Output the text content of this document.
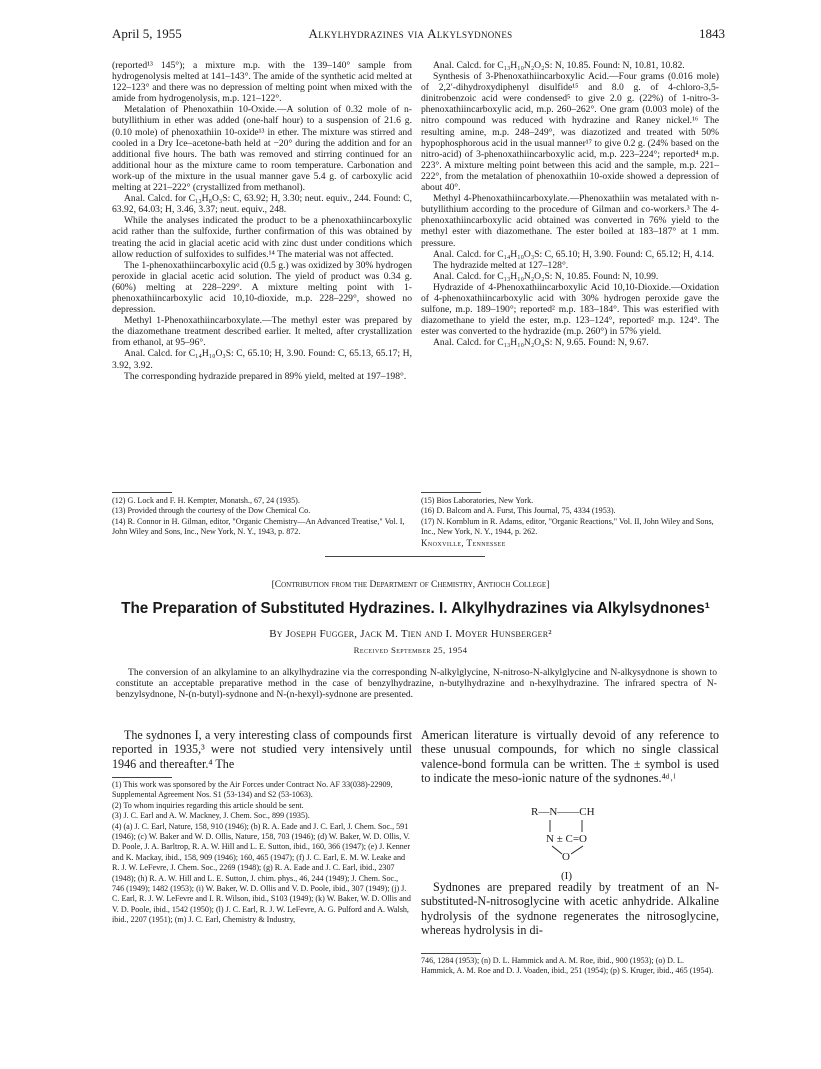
April 5, 1955	Alkylhydrazines via Alkylsydnones	1843

(reported¹³ 145°); a mixture m.p. with the 139–140° sample from hydrogenolysis melted at 141–143°. The amide of the synthetic acid melted at 122–123° and there was no depression of melting point when mixed with the amide from hydrogenolysis, m.p. 121–122°.

Metalation of Phenoxathiin 10-Oxide.—A solution of 0.32 mole of n-butyllithium in ether was added (one-half hour) to a suspension of 21.6 g. (0.10 mole) of phenoxathiin 10-oxide¹³ in ether. The mixture was stirred and cooled in a Dry Ice–acetone-bath held at −20° during the addition and for an additional five hours. The bath was removed and stirring continued for an additional hour as the mixture came to room temperature. Carbonation and work-up of the mixture in the usual manner gave 5.4 g. of carboxylic acid melting at 221–222° (crystallized from methanol).

Anal. Calcd. for C₁₃H₈O₃S: C, 63.92; H, 3.30; neut. equiv., 244. Found: C, 63.92, 64.03; H, 3.46, 3.37; neut. equiv., 248.

While the analyses indicated the product to be a phenoxathiincarboxylic acid rather than the sulfoxide, further confirmation of this was obtained by treating the acid in glacial acetic acid with zinc dust under conditions which allow reduction of sulfoxides to sulfides.¹⁴ The material was not affected.

The 1-phenoxathiincarboxylic acid (0.5 g.) was oxidized by 30% hydrogen peroxide in glacial acetic acid solution. The yield of product was 0.34 g. (60%) melting at 228–229°. A mixture melting point with 1-phenoxathiincarboxylic acid 10,10-dioxide, m.p. 228–229°, showed no depression.

Methyl 1-Phenoxathiincarboxylate.—The methyl ester was prepared by the diazomethane treatment described earlier. It melted, after crystallization from ethanol, at 95–96°.

Anal. Calcd. for C₁₄H₁₀O₃S: C, 65.10; H, 3.90. Found: C, 65.13, 65.17; H, 3.92, 3.92.

The corresponding hydrazide prepared in 89% yield, melted at 197–198°.

Anal. Calcd. for C₁₃H₁₀N₂O₂S: N, 10.85. Found: N, 10.81, 10.82.

Synthesis of 3-Phenoxathiincarboxylic Acid.—Four grams (0.016 mole) of 2,2′-dihydroxydiphenyl disulfide¹⁵ and 8.0 g. of 4-chloro-3,5-dinitrobenzoic acid were condensed⁵ to give 2.0 g. (22%) of 1-nitro-3-phenoxathiincarboxylic acid, m.p. 260–262°. One gram (0.003 mole) of the nitro compound was reduced with hydrazine and Raney nickel.¹⁶ The resulting amine, m.p. 248–249°, was diazotized and treated with 50% hypophosphorous acid in the usual manner¹⁷ to give 0.2 g. (24% based on the nitro-acid) of 3-phenoxathiincarboxylic acid, m.p. 223–224°; reported⁴ m.p. 223°. A mixture melting point between this acid and the sample, m.p. 221–222°, from the metalation of phenoxathiin 10-oxide showed a depression of about 40°.

Methyl 4-Phenoxathiincarboxylate.—Phenoxathiin was metalated with n-butyllithium according to the procedure of Gilman and co-workers.³ The 4-phenoxathiincarboxylic acid obtained was converted in 76% yield to the methyl ester with diazomethane. The ester boiled at 183–187° at 1 mm. pressure.

Anal. Calcd. for C₁₄H₁₀O₃S: C, 65.10; H, 3.90. Found: C, 65.12; H, 4.14.

The hydrazide melted at 127–128°.

Anal. Calcd. for C₁₃H₁₀N₂O₂S: N, 10.85. Found: N, 10.99.

Hydrazide of 4-Phenoxathiincarboxylic Acid 10,10-Dioxide.—Oxidation of 4-phenoxathiincarboxylic acid with 30% hydrogen peroxide gave the sulfone, m.p. 189–190°; reported² m.p. 183–184°. This was esterified with diazomethane to yield the ester, m.p. 123–124°, reported² m.p. 124°. The ester was converted to the hydrazide (m.p. 260°) in 57% yield.

Anal. Calcd. for C₁₃H₁₀N₂O₄S: N, 9.65. Found: N, 9.67.

(12) G. Lock and F. H. Kempter, Monatsh., 67, 24 (1935).

(13) Provided through the courtesy of the Dow Chemical Co.

(14) R. Connor in H. Gilman, editor, "Organic Chemistry—An Advanced Treatise," Vol. I, John Wiley and Sons, Inc., New York, N. Y., 1943, p. 872.

(15) Bios Laboratories, New York.

(16) D. Balcom and A. Furst, This Journal, 75, 4334 (1953).

(17) N. Kornblum in R. Adams, editor, "Organic Reactions," Vol. II, John Wiley and Sons, Inc., New York, N. Y., 1944, p. 262.

Knoxville, Tennessee

[Contribution from the Department of Chemistry, Antioch College]
The Preparation of Substituted Hydrazines. I. Alkylhydrazines via Alkylsydnones¹
By Joseph Fugger, Jack M. Tien and I. Moyer Hunsberger²
Received September 25, 1954
The conversion of an alkylamine to an alkylhydrazine via the corresponding N-alkylglycine, N-nitroso-N-alkylglycine and N-alkysydnone is shown to constitute an acceptable preparative method in the case of benzylhydrazine, n-butylhydrazine and n-hexylhydrazine. The infrared spectra of N-benzylsydnone, N-(n-butyl)-sydnone and N-(n-hexyl)-sydnone are presented.
The sydnones I, a very interesting class of compounds first reported in 1935,³ were not studied very intensively until 1946 and thereafter.⁴ The

(1) This work was sponsored by the Air Forces under Contract No. AF 33(038)-22909, Supplemental Agreement Nos. S1 (53-134) and S2 (53-1063).

(2) To whom inquiries regarding this article should be sent.

(3) J. C. Earl and A. W. Mackney, J. Chem. Soc., 899 (1935).

(4) (a) J. C. Earl, Nature, 158, 910 (1946); (b) R. A. Eade and J. C. Earl, J. Chem. Soc., 591 (1946); (c) W. Baker and W. D. Ollis, Nature, 158, 703 (1946); (d) W. Baker, W. D. Ollis, V. D. Poole, J. A. Barltrop, R. A. W. Hill and L. E. Sutton, ibid., 160, 366 (1947); (e) J. Kenner and K. Mackay, ibid., 158, 909 (1946); 160, 465 (1947); (f) J. C. Earl, E. M. W. Leake and R. J. W. LeFevre, J. Chem. Soc., 2269 (1948); (g) R. A. Eade and J. C. Earl, ibid., 2307 (1948); (h) R. A. W. Hill and L. E. Sutton, J. chim. phys., 46, 244 (1949); J. Chem. Soc., 746 (1949); 1482 (1953); (i) W. Baker, W. D. Ollis and V. D. Poole, ibid., 307 (1949); (j) J. C. Earl, R. J. W. LeFevre and I. R. Wilson, ibid., S103 (1949); (k) W. Baker, W. D. Ollis and V. D. Poole, ibid., 1542 (1950); (l) J. C. Earl, R. J. W. LeFevre, A. G. Pulford and A. Walsh, ibid., 2207 (1951); (m) J. C. Earl, Chemistry & Industry,

American literature is virtually devoid of any reference to these unusual compounds, for which no single classical valence-bond formula can be written. The ± symbol is used to indicate the meso-ionic nature of the sydnones.⁴ᵈ˒ˡ
R—N——CH
N ± C=O
O
(I)
Sydnones are prepared readily by treatment of an N-substituted-N-nitrosoglycine with acetic anhydride. Alkaline hydrolysis of the sydnone regenerates the nitrosoglycine, whereas hydrolysis in di-

746, 1284 (1953); (n) D. L. Hammick and A. M. Roe, ibid., 900 (1953); (o) D. L. Hammick, A. M. Roe and D. J. Voaden, ibid., 251 (1954); (p) S. Kruger, ibid., 465 (1954).
